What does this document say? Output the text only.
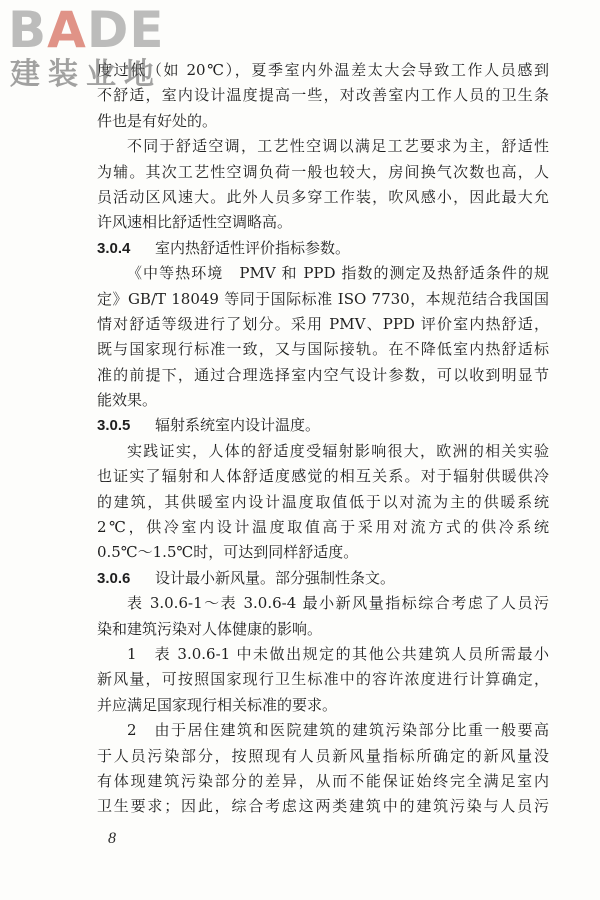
BADE
建装业地
度过低（如 20℃），夏季室内外温差太大会导致工作人员感到
不舒适，室内设计温度提高一些，对改善室内工作人员的卫生条
件也是有好处的。
不同于舒适空调，工艺性空调以满足工艺要求为主，舒适性
为辅。其次工艺性空调负荷一般也较大，房间换气次数也高，人
员活动区风速大。此外人员多穿工作装，吹风感小，因此最大允
许风速相比舒适性空调略高。
3.0.4 室内热舒适性评价指标参数。
《中等热环境　PMV 和 PPD 指数的测定及热舒适条件的规
定》GB/T 18049 等同于国际标准 ISO 7730，本规范结合我国国
情对舒适等级进行了划分。采用 PMV、PPD 评价室内热舒适，
既与国家现行标准一致，又与国际接轨。在不降低室内热舒适标
准的前提下，通过合理选择室内空气设计参数，可以收到明显节
能效果。
3.0.5 辐射系统室内设计温度。
实践证实，人体的舒适度受辐射影响很大，欧洲的相关实验
也证实了辐射和人体舒适度感觉的相互关系。对于辐射供暖供冷
的建筑，其供暖室内设计温度取值低于以对流为主的供暖系统
2℃，供冷室内设计温度取值高于采用对流方式的供冷系统
0.5℃～1.5℃时，可达到同样舒适度。
3.0.6 设计最小新风量。部分强制性条文。
表 3.0.6-1～表 3.0.6-4 最小新风量指标综合考虑了人员污
染和建筑污染对人体健康的影响。
1　表 3.0.6-1 中未做出规定的其他公共建筑人员所需最小
新风量，可按照国家现行卫生标准中的容许浓度进行计算确定，
并应满足国家现行相关标准的要求。
2　由于居住建筑和医院建筑的建筑污染部分比重一般要高
于人员污染部分，按照现有人员新风量指标所确定的新风量没
有体现建筑污染部分的差异，从而不能保证始终完全满足室内
卫生要求；因此，综合考虑这两类建筑中的建筑污染与人员污
8
